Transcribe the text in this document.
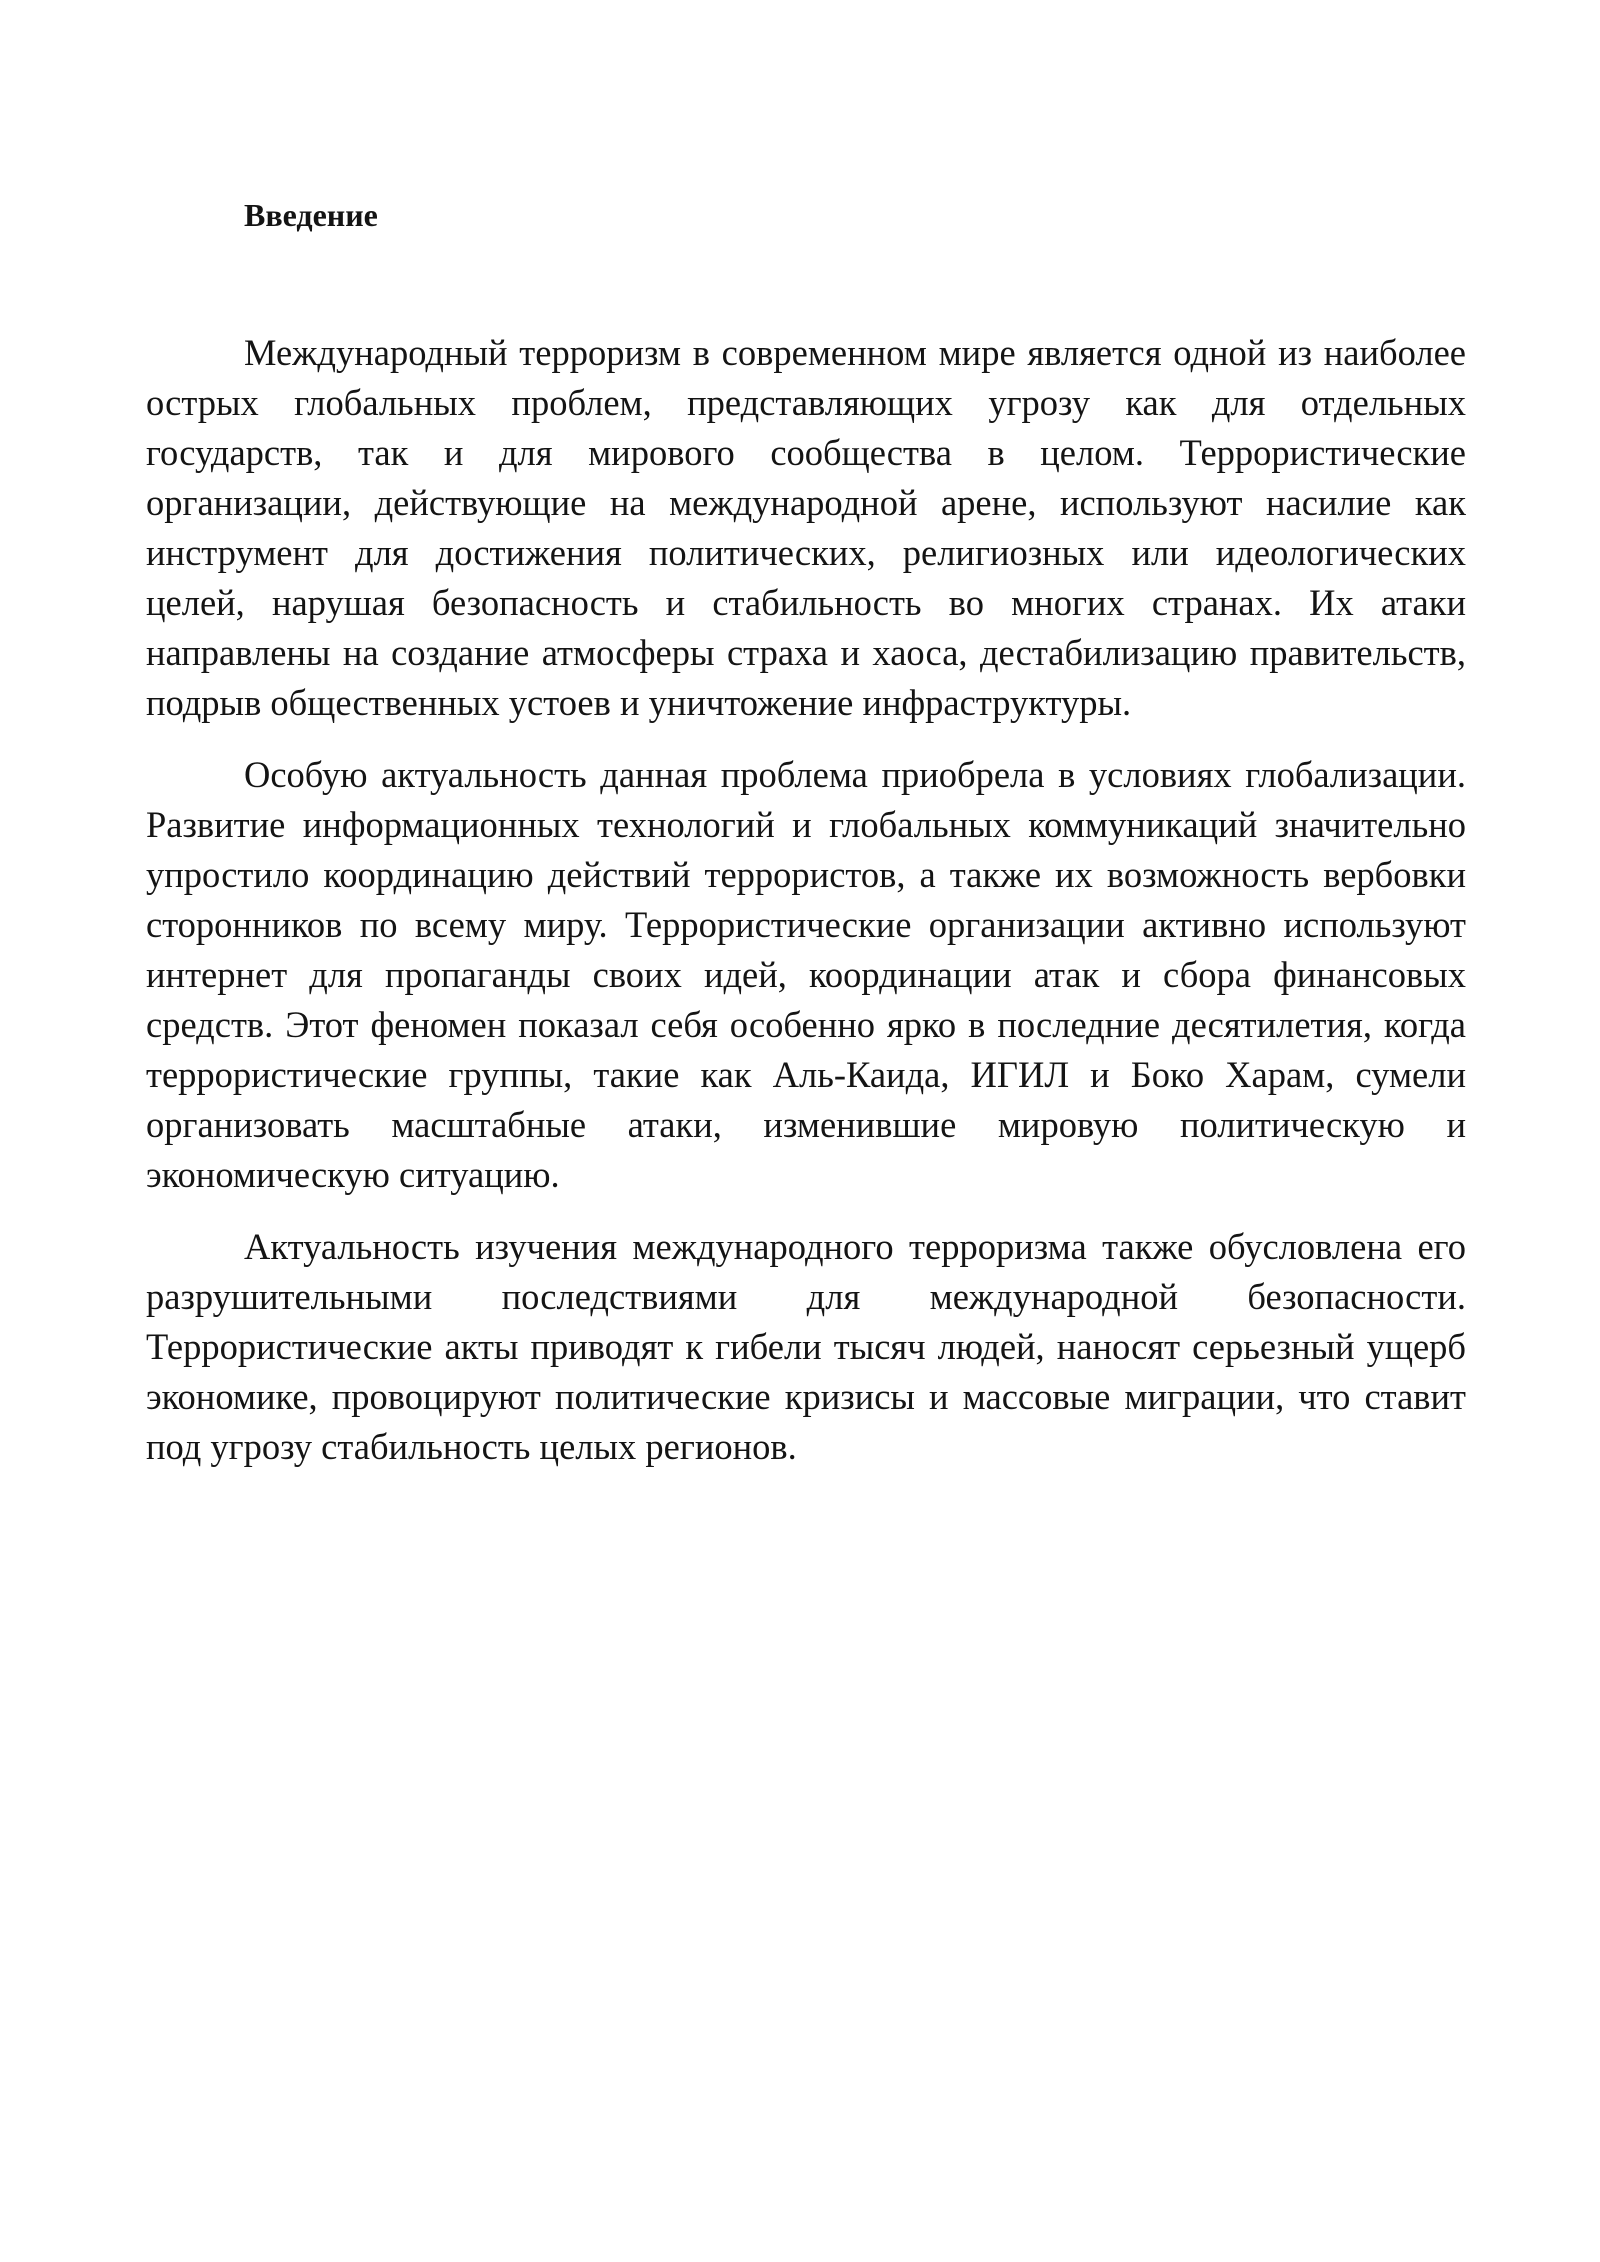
Введение

Международный терроризм в современном мире является одной из наиболее острых глобальных проблем, представляющих угрозу как для отдельных государств, так и для мирового сообщества в целом. Террористические организации, действующие на международной арене, используют насилие как инструмент для достижения политических, религиозных или идеологических целей, нарушая безопасность и стабильность во многих странах. Их атаки направлены на создание атмосферы страха и хаоса, дестабилизацию правительств, подрыв общественных устоев и уничтожение инфраструктуры.

Особую актуальность данная проблема приобрела в условиях глобализации. Развитие информационных технологий и глобальных коммуникаций значительно упростило координацию действий террористов, а также их возможность вербовки сторонников по всему миру. Террористические организации активно используют интернет для пропаганды своих идей, координации атак и сбора финансовых средств. Этот феномен показал себя особенно ярко в последние десятилетия, когда террористические группы, такие как Аль-Каида, ИГИЛ и Боко Харам, сумели организовать масштабные атаки, изменившие мировую политическую и экономическую ситуацию.

Актуальность изучения международного терроризма также обусловлена его разрушительными последствиями для международной безопасности. Террористические акты приводят к гибели тысяч людей, наносят серьезный ущерб экономике, провоцируют политические кризисы и массовые миграции, что ставит под угрозу стабильность целых регионов.
